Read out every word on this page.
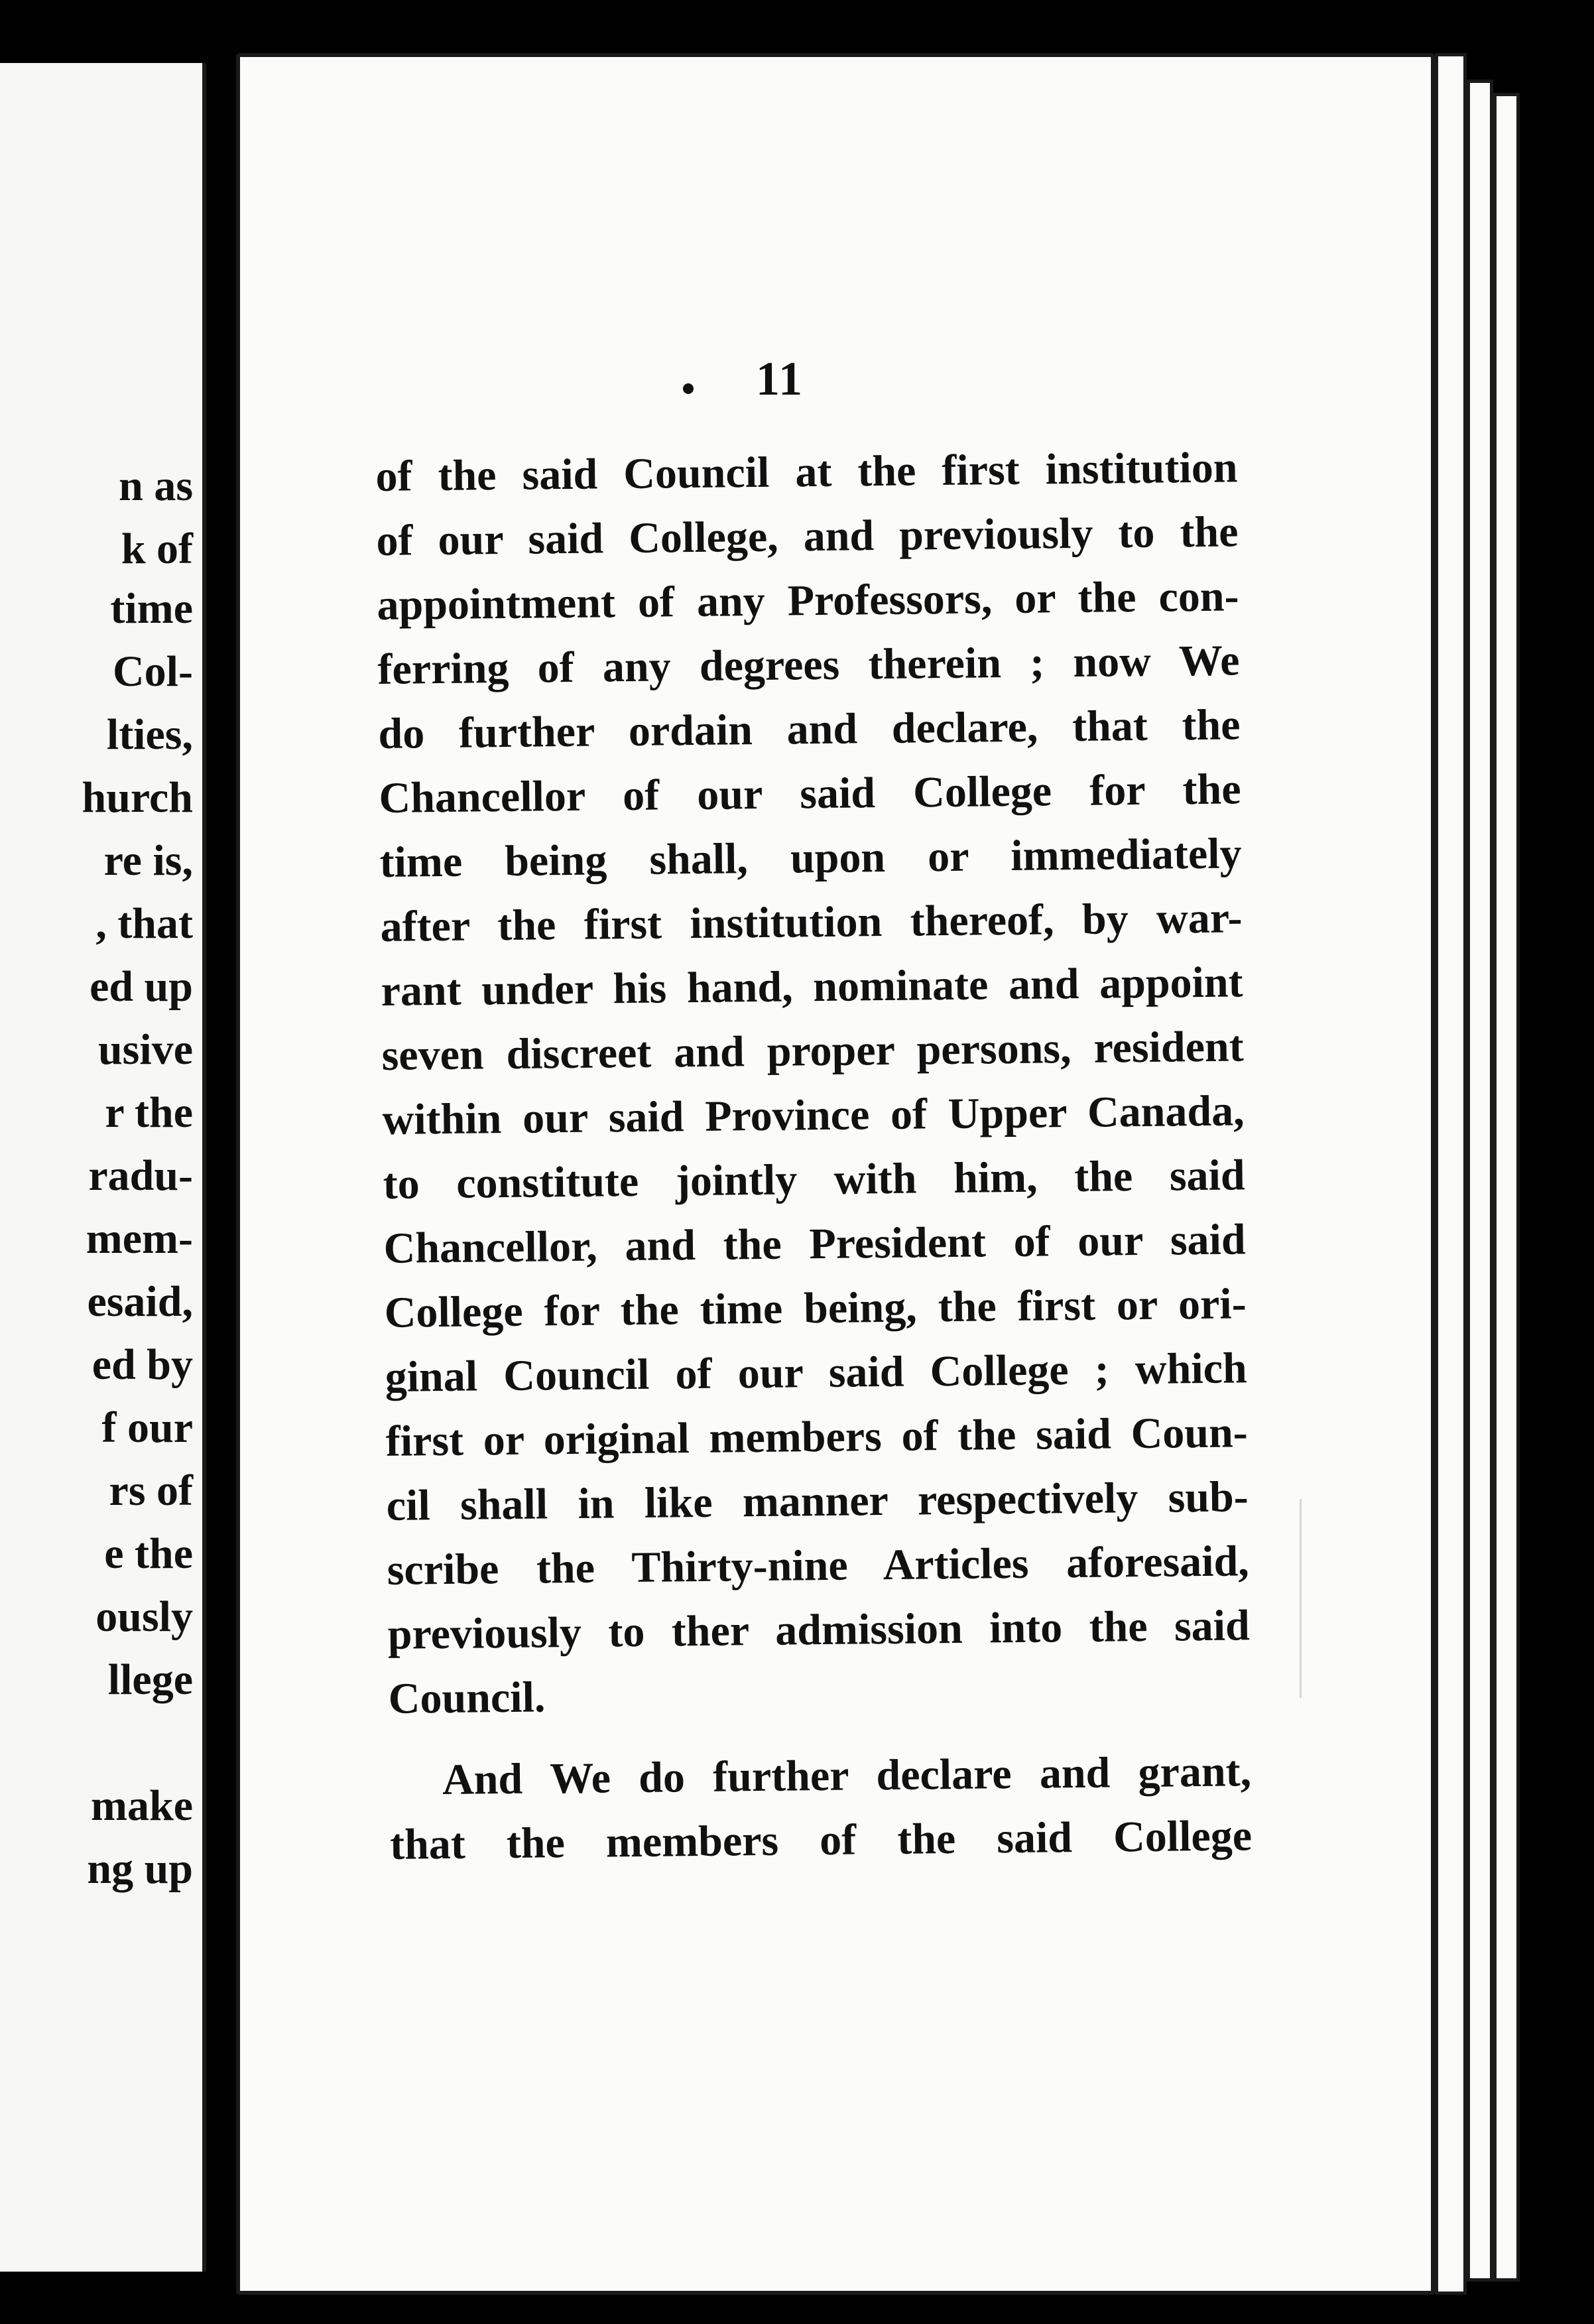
n as
k of
time
Col-
lties,
hurch
re is,
, that
ed up
usive
r the
radu-
mem-
esaid,
ed by
f our
rs of
e the
ously
llege
make
ng up
11
of the said Council at the first institution
of our said College, and previously to the
appointment of any Professors, or the con-
ferring of any degrees therein ; now We
do further ordain and declare, that the
Chancellor of our said College for the
time being shall, upon or immediately
after the first institution thereof, by war-
rant under his hand, nominate and appoint
seven discreet and proper persons, resident
within our said Province of Upper Canada,
to constitute jointly with him, the said
Chancellor, and the President of our said
College for the time being, the first or ori-
ginal Council of our said College ; which
first or original members of the said Coun-
cil shall in like manner respectively sub-
scribe the Thirty-nine Articles aforesaid,
previously to ther admission into the said
Council.
And We do further declare and grant,
that the members of the said College
